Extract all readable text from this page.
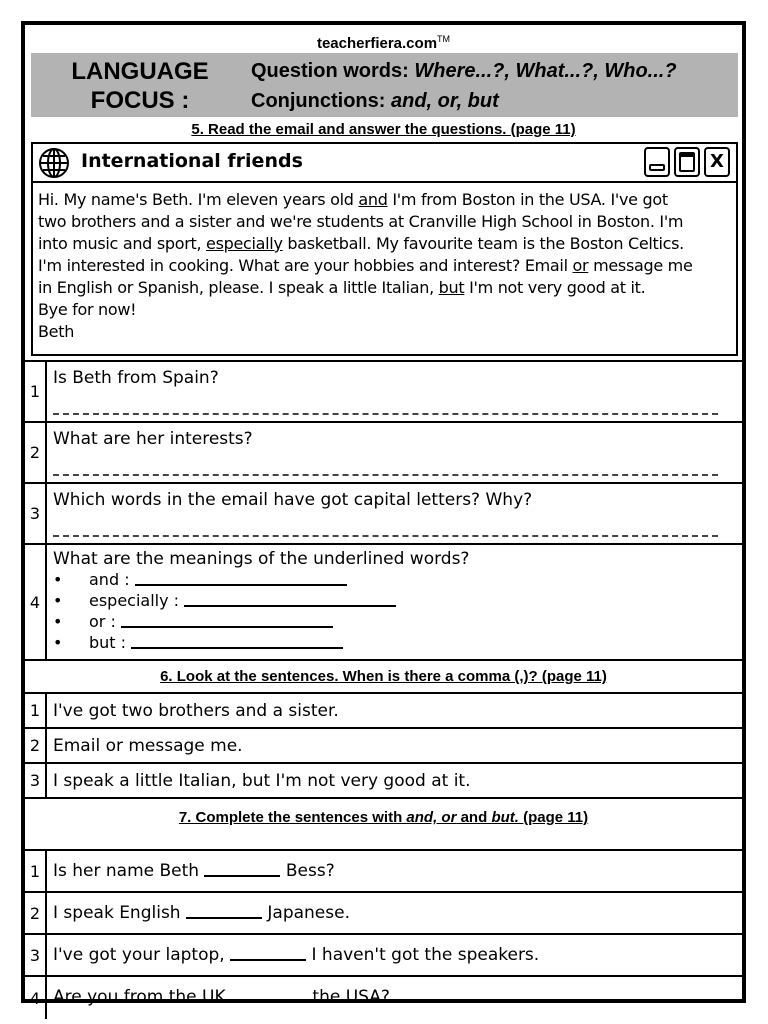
teacherfiera.com™
LANGUAGE
FOCUS :
Question words: Where...?, What...?, Who...?
Conjunctions: and, or, but
5. Read the email and answer the questions. (page 11)
International friends	X
Hi. My name's Beth. I'm eleven years old and I'm from Boston in the USA. I've got
two brothers and a sister and we're students at Cranville High School in Boston. I'm
into music and sport, especially basketball. My favourite team is the Boston Celtics.
I'm interested in cooking. What are your hobbies and interest? Email or message me
in English or Spanish, please. I speak a little Italian, but I'm not very good at it.
Bye for now!
Beth
1
Is Beth from Spain?
2
What are her interests?
3
Which words in the email have got capital letters? Why?
4
What are the meanings of the underlined words?
• and :
• especially :
• or :
• but :
6. Look at the sentences. When is there a comma (,)? (page 11)
1 I've got two brothers and a sister.
2 Email or message me.
3 I speak a little Italian, but I'm not very good at it.
7. Complete the sentences with and, or and but. (page 11)
1 Is her name Beth	Bess?
2 I speak English	Japanese.
3 I've got your laptop,	I haven't got the speakers.
4 Are you from the UK	the USA?
